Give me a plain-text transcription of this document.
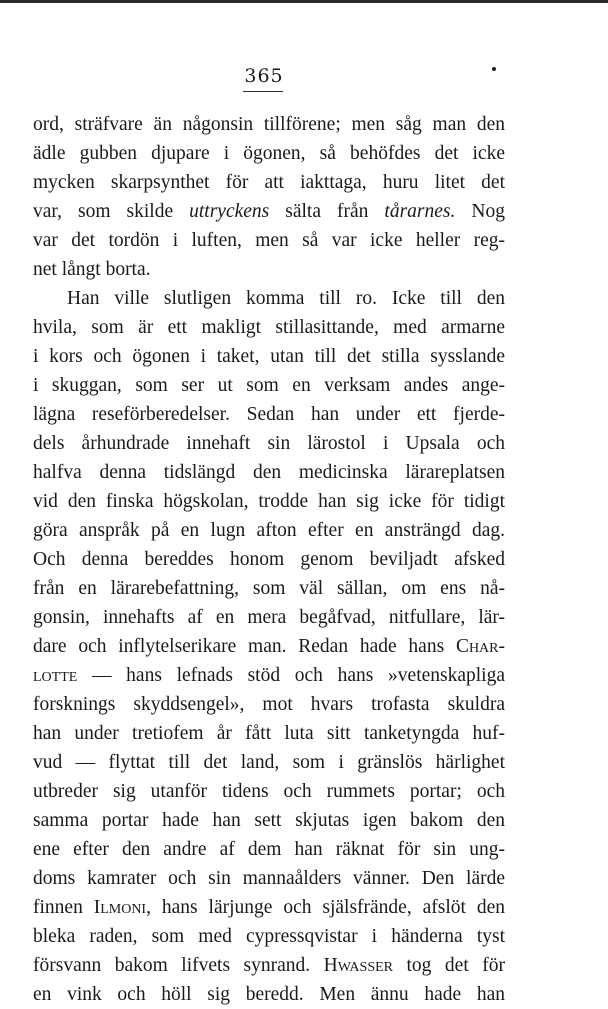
365
ord, sträfvare än någonsin tillförene; men såg man den
ädle gubben djupare i ögonen, så behöfdes det icke
mycken skarpsynthet för att iakttaga, huru litet det
var, som skilde uttryckens sälta från tårarnes. Nog
var det tordön i luften, men så var icke heller reg-
net långt borta.
Han ville slutligen komma till ro. Icke till den
hvila, som är ett makligt stillasittande, med armarne
i kors och ögonen i taket, utan till det stilla sysslande
i skuggan, som ser ut som en verksam andes ange-
lägna reseförberedelser. Sedan han under ett fjerde-
dels århundrade innehaft sin lärostol i Upsala och
halfva denna tidslängd den medicinska lärareplatsen
vid den finska högskolan, trodde han sig icke för tidigt
göra anspråk på en lugn afton efter en ansträngd dag.
Och denna bereddes honom genom beviljadt afsked
från en lärarebefattning, som väl sällan, om ens nå-
gonsin, innehafts af en mera begåfvad, nitfullare, lär-
dare och inflytelserikare man. Redan hade hans Char-
lotte — hans lefnads stöd och hans »vetenskapliga
forsknings skyddsengel», mot hvars trofasta skuldra
han under tretiofem år fått luta sitt tanketyngda huf-
vud — flyttat till det land, som i gränslös härlighet
utbreder sig utanför tidens och rummets portar; och
samma portar hade han sett skjutas igen bakom den
ene efter den andre af dem han räknat för sin ung-
doms kamrater och sin mannaålders vänner. Den lärde
finnen Ilmoni, hans lärjunge och själsfrände, afslöt den
bleka raden, som med cypressqvistar i händerna tyst
försvann bakom lifvets synrand. Hwasser tog det för
en vink och höll sig beredd. Men ännu hade han
